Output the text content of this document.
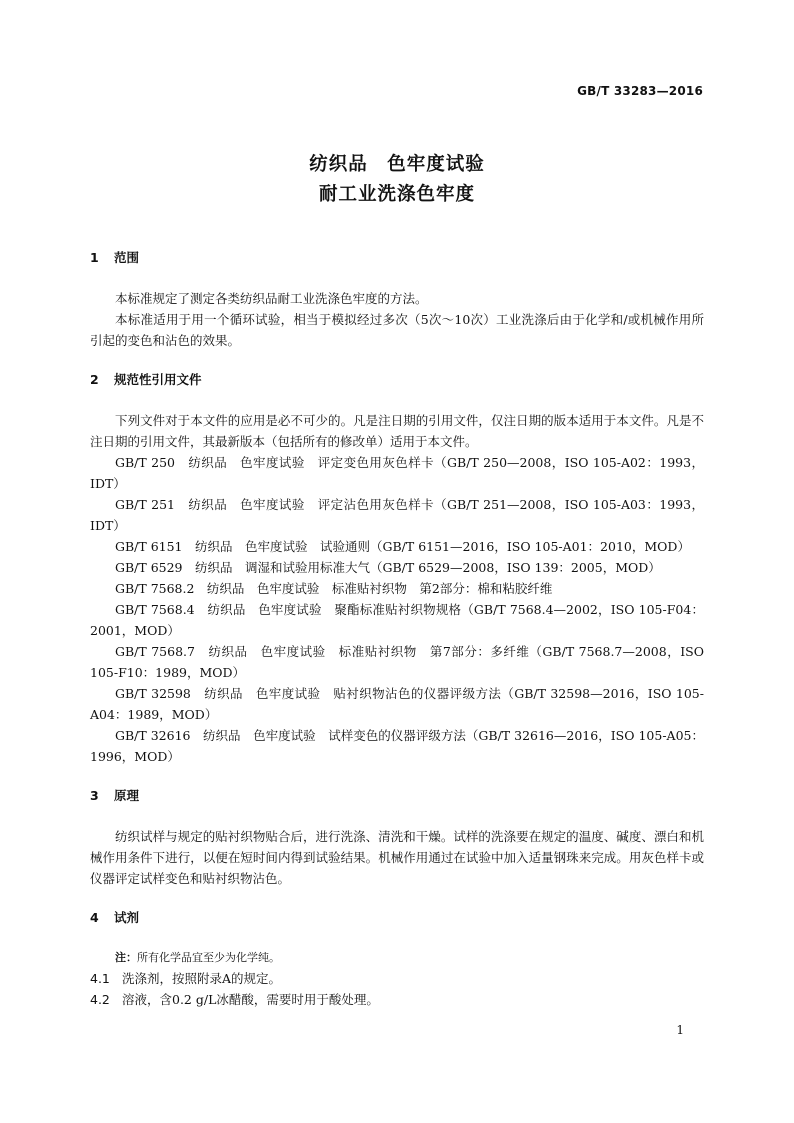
GB/T 33283—2016
纺织品　色牢度试验
耐工业洗涤色牢度
1 范围
本标准规定了测定各类纺织品耐工业洗涤色牢度的方法。
本标准适用于用一个循环试验，相当于模拟经过多次（5次～10次）工业洗涤后由于化学和/或机械作用所引起的变色和沾色的效果。
2 规范性引用文件
下列文件对于本文件的应用是必不可少的。凡是注日期的引用文件，仅注日期的版本适用于本文件。凡是不注日期的引用文件，其最新版本（包括所有的修改单）适用于本文件。
GB/T 250　纺织品　色牢度试验　评定变色用灰色样卡（GB/T 250—2008，ISO 105-A02：1993，IDT）
GB/T 251　纺织品　色牢度试验　评定沾色用灰色样卡（GB/T 251—2008，ISO 105-A03：1993，IDT）
GB/T 6151　纺织品　色牢度试验　试验通则（GB/T 6151—2016，ISO 105-A01：2010，MOD）
GB/T 6529　纺织品　调湿和试验用标准大气（GB/T 6529—2008，ISO 139：2005，MOD）
GB/T 7568.2　纺织品　色牢度试验　标准贴衬织物　第2部分：棉和粘胶纤维
GB/T 7568.4　纺织品　色牢度试验　聚酯标准贴衬织物规格（GB/T 7568.4—2002，ISO 105-F04：2001，MOD）
GB/T 7568.7　纺织品　色牢度试验　标准贴衬织物　第7部分：多纤维（GB/T 7568.7—2008，ISO 105-F10：1989，MOD）
GB/T 32598　纺织品　色牢度试验　贴衬织物沾色的仪器评级方法（GB/T 32598—2016，ISO 105-A04：1989，MOD）
GB/T 32616　纺织品　色牢度试验　试样变色的仪器评级方法（GB/T 32616—2016，ISO 105-A05：1996，MOD）
3 原理
纺织试样与规定的贴衬织物贴合后，进行洗涤、清洗和干燥。试样的洗涤要在规定的温度、碱度、漂白和机械作用条件下进行，以便在短时间内得到试验结果。机械作用通过在试验中加入适量钢珠来完成。用灰色样卡或仪器评定试样变色和贴衬织物沾色。
4 试剂
注：所有化学品宜至少为化学纯。
4.1 洗涤剂，按照附录A的规定。
4.2 溶液，含0.2 g/L冰醋酸，需要时用于酸处理。
1
